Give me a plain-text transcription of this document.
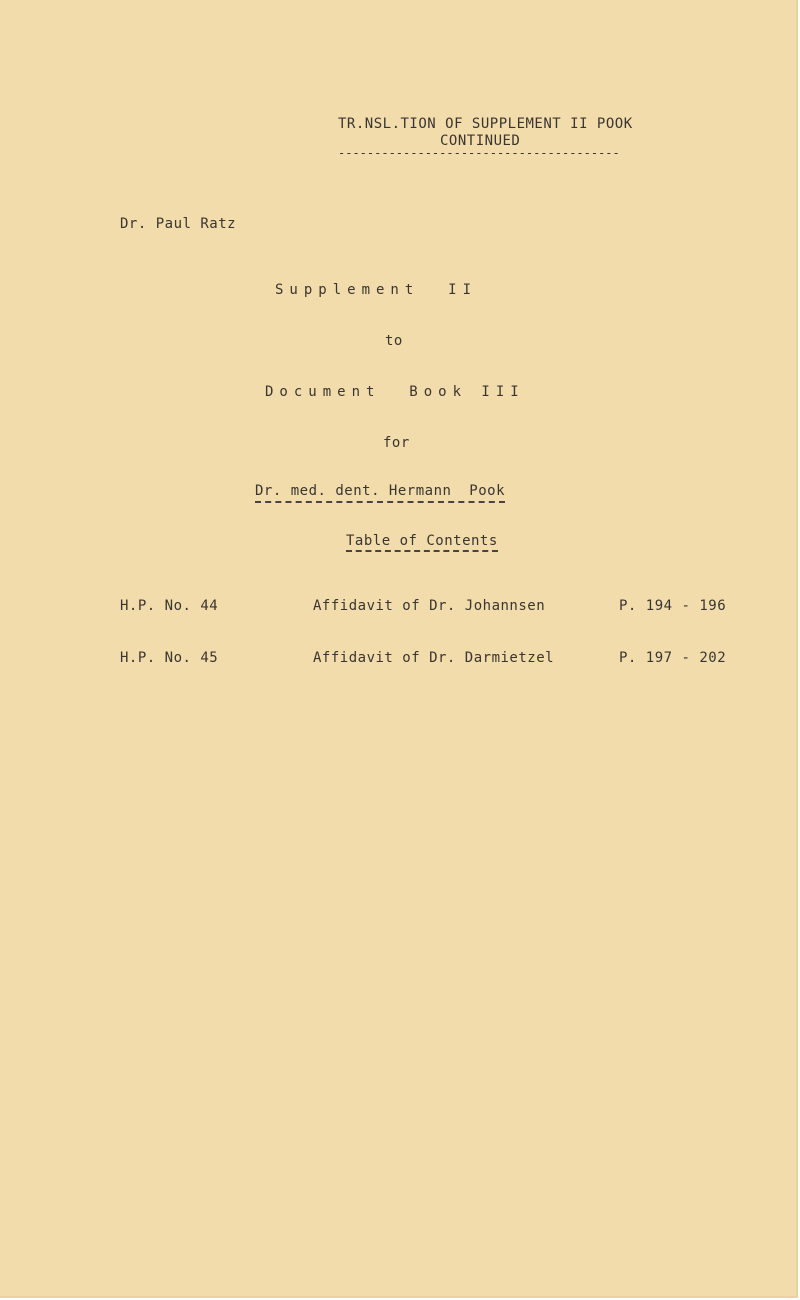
TR.NSL.TION OF SUPPLEMENT II POOK
CONTINUED
---------------------------------------
Dr. Paul Ratz
Supplement  II
to
Document  Book III
for
Dr. med. dent. Hermann  Pook
Table of Contents
H.P. No. 44	Affidavit of Dr. Johannsen	P. 194 - 196
H.P. No. 45	Affidavit of Dr. Darmietzel	P. 197 - 202
